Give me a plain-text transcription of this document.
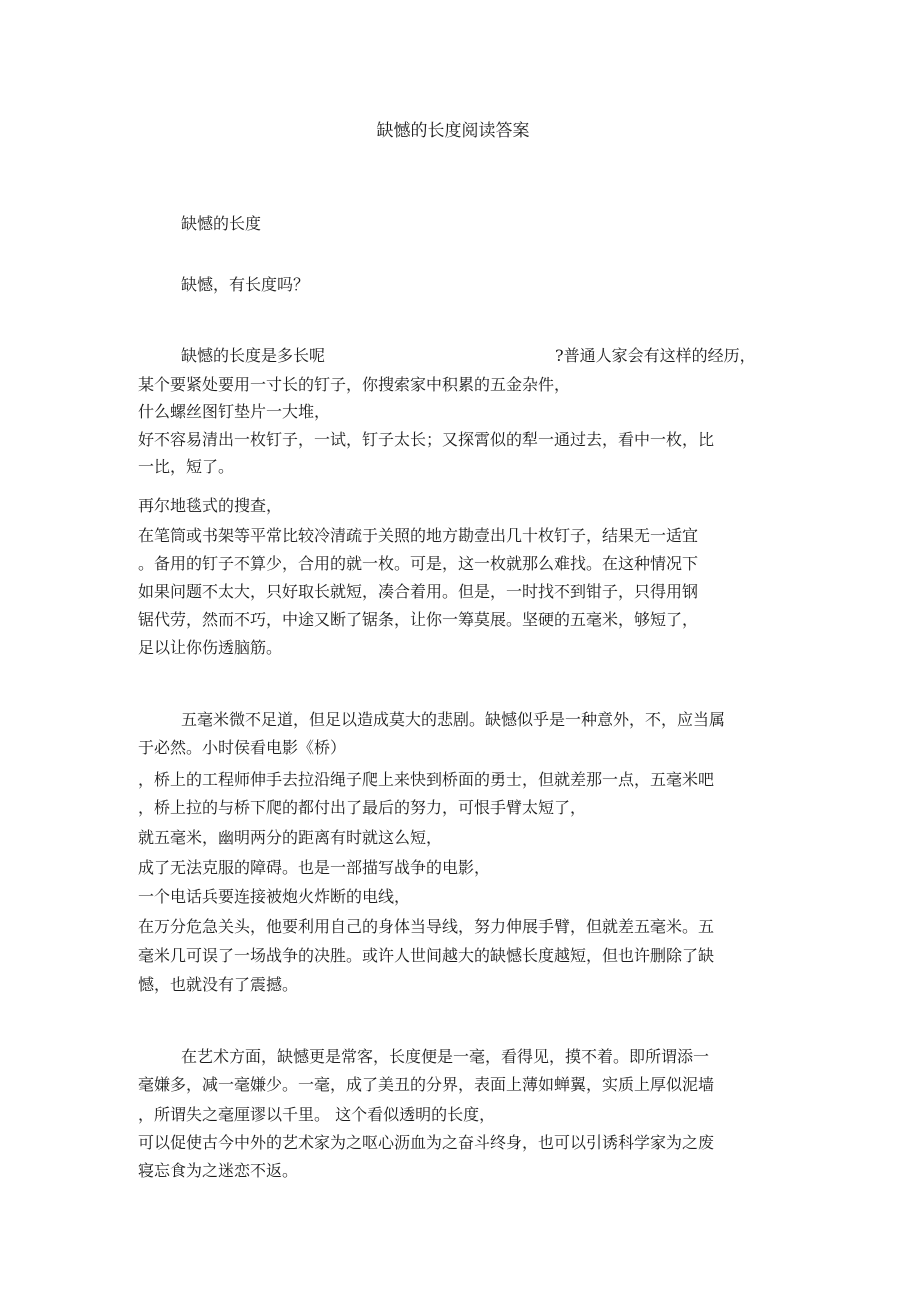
缺憾的长度阅读答案
缺憾的长度
缺憾，有长度吗？
缺憾的长度是多长呢	?普通人家会有这样的经历，
某个要紧处要用一寸长的钉子，你搜索家中积累的五金杂件，
什么螺丝图钉垫片一大堆，
好不容易清出一枚钉子，一试，钉子太长；又探霄似的犁一通过去，看中一枚，比
一比，短了。
再尔地毯式的搜查，
在笔筒或书架等平常比较冷清疏于关照的地方勘壹出几十枚钉子，结果无一适宜
。备用的钉子不算少，合用的就一枚。可是，这一枚就那么难找。在这种情况下
如果问题不太大，只好取长就短，凑合着用。但是，一时找不到钳子，只得用钢
锯代劳，然而不巧，中途又断了锯条，让你一筹莫展。坚硬的五毫米，够短了，
足以让你伤透脑筋。
五毫米微不足道，但足以造成莫大的悲剧。缺憾似乎是一种意外，不，应当属
于必然。小时侯看电影《桥）
，桥上的工程师伸手去拉沿绳子爬上来快到桥面的勇士，但就差那一点，五毫米吧
，桥上拉的与桥下爬的都付出了最后的努力，可恨手臂太短了，
就五毫米，幽明两分的距离有时就这么短，
成了无法克服的障碍。也是一部描写战争的电影，
一个电话兵要连接被炮火炸断的电线，
在万分危急关头，他要利用自己的身体当导线，努力伸展手臂，但就差五毫米。五
毫米几可误了一场战争的决胜。或许人世间越大的缺憾长度越短，但也许删除了缺
憾，也就没有了震撼。
在艺术方面，缺憾更是常客，长度便是一毫，看得见，摸不着。即所谓添一
毫嫌多，减一毫嫌少。一毫，成了美丑的分界，表面上薄如蝉翼，实质上厚似泥墙
，所谓失之毫厘谬以千里。 这个看似透明的长度，
可以促使古今中外的艺术家为之呕心沥血为之奋斗终身，也可以引诱科学家为之废
寝忘食为之迷恋不返。
